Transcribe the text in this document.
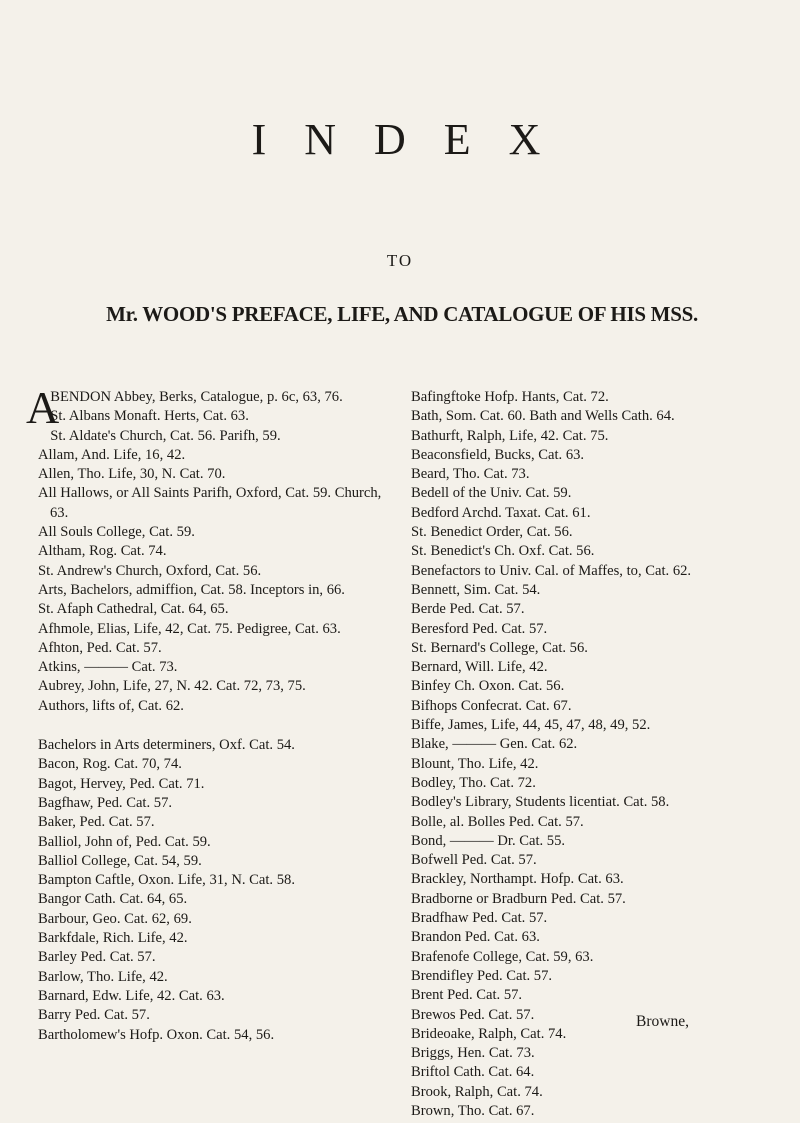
INDEX
TO
Mr. WOOD'S PREFACE, LIFE, AND CATALOGUE OF HIS MSS.
A
BENDON Abbey, Berks, Catalogue, p. 6c, 63, 76.
St. Albans Monaft. Herts, Cat. 63.
St. Aldate's Church, Cat. 56. Parifh, 59.
Allam, And. Life, 16, 42.
Allen, Tho. Life, 30, N. Cat. 70.
All Hallows, or All Saints Parifh, Oxford, Cat. 59. Church, 63.
All Souls College, Cat. 59.
Altham, Rog. Cat. 74.
St. Andrew's Church, Oxford, Cat. 56.
Arts, Bachelors, admiffion, Cat. 58. Inceptors in, 66.
St. Afaph Cathedral, Cat. 64, 65.
Afhmole, Elias, Life, 42, Cat. 75. Pedigree, Cat. 63.
Afhton, Ped. Cat. 57.
Atkins, ——— Cat. 73.
Aubrey, John, Life, 27, N. 42. Cat. 72, 73, 75.
Authors, lifts of, Cat. 62.
Bachelors in Arts determiners, Oxf. Cat. 54.
Bacon, Rog. Cat. 70, 74.
Bagot, Hervey, Ped. Cat. 71.
Bagfhaw, Ped. Cat. 57.
Baker, Ped. Cat. 57.
Balliol, John of, Ped. Cat. 59.
Balliol College, Cat. 54, 59.
Bampton Caftle, Oxon. Life, 31, N. Cat. 58.
Bangor Cath. Cat. 64, 65.
Barbour, Geo. Cat. 62, 69.
Barkfdale, Rich. Life, 42.
Barley Ped. Cat. 57.
Barlow, Tho. Life, 42.
Barnard, Edw. Life, 42. Cat. 63.
Barry Ped. Cat. 57.
Bartholomew's Hofp. Oxon. Cat. 54, 56.
Bafingftoke Hofp. Hants, Cat. 72.
Bath, Som. Cat. 60. Bath and Wells Cath. 64.
Bathurft, Ralph, Life, 42. Cat. 75.
Beaconsfield, Bucks, Cat. 63.
Beard, Tho. Cat. 73.
Bedell of the Univ. Cat. 59.
Bedford Archd. Taxat. Cat. 61.
St. Benedict Order, Cat. 56.
St. Benedict's Ch. Oxf. Cat. 56.
Benefactors to Univ. Cal. of Maffes, to, Cat. 62.
Bennett, Sim. Cat. 54.
Berde Ped. Cat. 57.
Beresford Ped. Cat. 57.
St. Bernard's College, Cat. 56.
Bernard, Will. Life, 42.
Binfey Ch. Oxon. Cat. 56.
Bifhops Confecrat. Cat. 67.
Biffe, James, Life, 44, 45, 47, 48, 49, 52.
Blake, ——— Gen. Cat. 62.
Blount, Tho. Life, 42.
Bodley, Tho. Cat. 72.
Bodley's Library, Students licentiat. Cat. 58.
Bolle, al. Bolles Ped. Cat. 57.
Bond, ——— Dr. Cat. 55.
Bofwell Ped. Cat. 57.
Brackley, Northampt. Hofp. Cat. 63.
Bradborne or Bradburn Ped. Cat. 57.
Bradfhaw Ped. Cat. 57.
Brandon Ped. Cat. 63.
Brafenofe College, Cat. 59, 63.
Brendifley Ped. Cat. 57.
Brent Ped. Cat. 57.
Brewos Ped. Cat. 57.
Brideoake, Ralph, Cat. 74.
Briggs, Hen. Cat. 73.
Briftol Cath. Cat. 64.
Brook, Ralph, Cat. 74.
Brown, Tho. Cat. 67.
Browne,
